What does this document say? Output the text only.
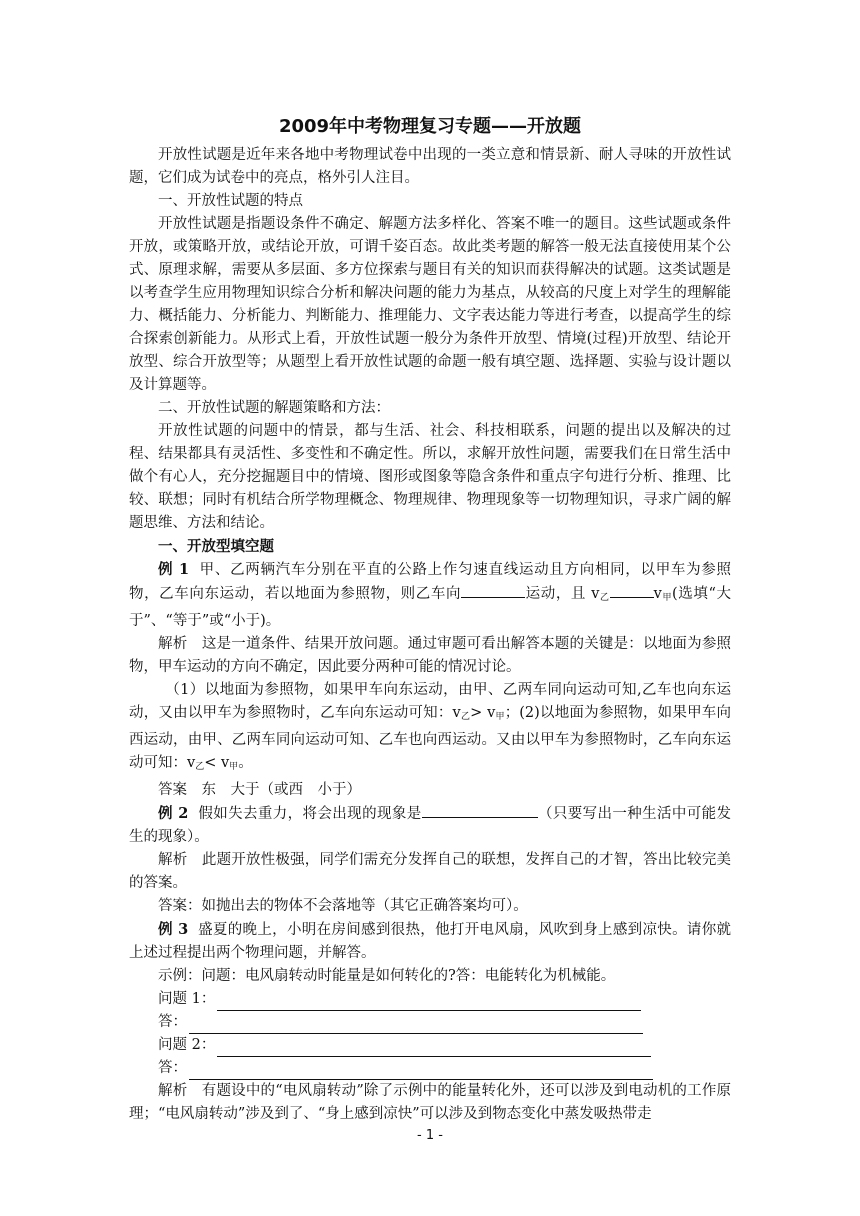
2009年中考物理复习专题——开放题

开放性试题是近年来各地中考物理试卷中出现的一类立意和情景新、耐人寻味的开放性试题，它们成为试卷中的亮点，格外引人注目。

一、开放性试题的特点

开放性试题是指题设条件不确定、解题方法多样化、答案不唯一的题目。这些试题或条件开放，或策略开放，或结论开放，可谓千姿百态。故此类考题的解答一般无法直接使用某个公式、原理求解，需要从多层面、多方位探索与题目有关的知识而获得解决的试题。这类试题是以考查学生应用物理知识综合分析和解决问题的能力为基点，从较高的尺度上对学生的理解能力、概括能力、分析能力、判断能力、推理能力、文字表达能力等进行考查，以提高学生的综合探索创新能力。从形式上看，开放性试题一般分为条件开放型、情境(过程)开放型、结论开放型、综合开放型等；从题型上看开放性试题的命题一般有填空题、选择题、实验与设计题以及计算题等。

二、开放性试题的解题策略和方法：

开放性试题的问题中的情景，都与生活、社会、科技相联系，问题的提出以及解决的过程、结果都具有灵活性、多变性和不确定性。所以，求解开放性问题，需要我们在日常生活中做个有心人，充分挖掘题目中的情境、图形或图象等隐含条件和重点字句进行分析、推理、比较、联想；同时有机结合所学物理概念、物理规律、物理现象等一切物理知识，寻求广阔的解题思维、方法和结论。

一、开放型填空题

例 1 甲、乙两辆汽车分别在平直的公路上作匀速直线运动且方向相同，以甲车为参照物，乙车向东运动，若以地面为参照物，则乙车向	运动，且 $v_乙$	$v_甲$(选填“大于”、“等于”或“小于)。

解析 这是一道条件、结果开放问题。通过审题可看出解答本题的关键是：以地面为参照物，甲车运动的方向不确定，因此要分两种可能的情况讨论。

（1）以地面为参照物，如果甲车向东运动，由甲、乙两车同向运动可知,乙车也向东运动，又由以甲车为参照物时，乙车向东运动可知：$v_乙> v_甲$；(2)以地面为参照物，如果甲车向西运动，由甲、乙两车同向运动可知、乙车也向西运动。又由以甲车为参照物时，乙车向东运动可知：$v_乙< v_甲$。

答案　东　大于（或西　小于）

例 2 假如失去重力，将会出现的现象是	（只要写出一种生活中可能发生的现象）。

解析 此题开放性极强，同学们需充分发挥自己的联想，发挥自己的才智，答出比较完美的答案。

答案：如抛出去的物体不会落地等（其它正确答案均可）。

例 3 盛夏的晚上，小明在房间感到很热，他打开电风扇，风吹到身上感到凉快。请你就上述过程提出两个物理问题，并解答。

示例：问题：电风扇转动时能量是如何转化的?答：电能转化为机械能。

问题 1：
答：
问题 2：
答：

解析 有题设中的“电风扇转动”除了示例中的能量转化外，还可以涉及到电动机的工作原理；“电风扇转动”涉及到了、“身上感到凉快”可以涉及到物态变化中蒸发吸热带走

- 1 -
